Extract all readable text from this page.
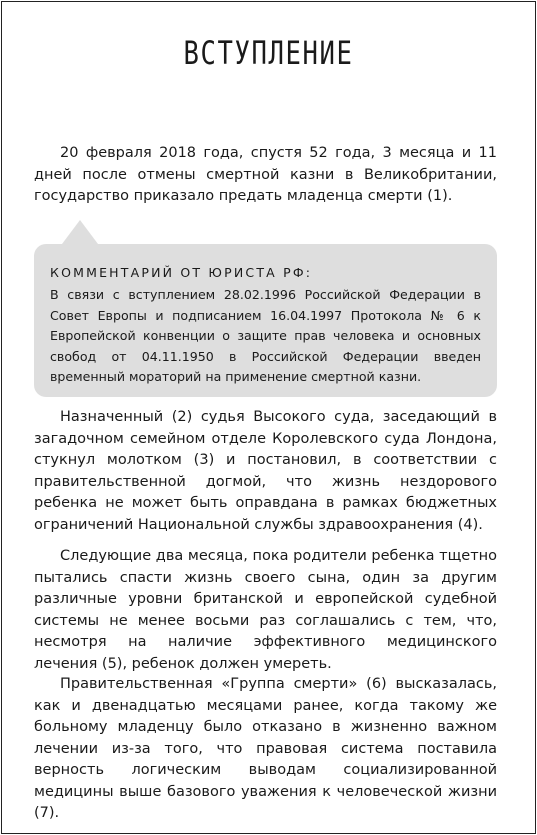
ВСТУПЛЕНИЕ

20 февраля 2018 года, спустя 52 года, 3 месяца и 11 дней после отмены смертной казни в Великобритании, государство приказало предать младенца смерти (1).

КОММЕНТАРИЙ ОТ ЮРИСТА РФ:

В связи с вступлением 28.02.1996 Российской Федерации в Совет Европы и подписанием 16.04.1997 Протокола № 6 к Европейской конвенции о защите прав человека и основных свобод от 04.11.1950 в Российской Федерации введен временный мораторий на применение смертной казни.

Назначенный (2) судья Высокого суда, заседающий в загадочном семейном отделе Королевского суда Лондона, стукнул молотком (3) и постановил, в соответствии с правительственной догмой, что жизнь нездорового ребенка не может быть оправдана в рамках бюджетных ограничений Национальной службы здравоохранения (4).

Следующие два месяца, пока родители ребенка тщетно пытались спасти жизнь своего сына, один за другим различные уровни британской и европейской судебной системы не менее восьми раз соглашались с тем, что, несмотря на наличие эффективного медицинского лечения (5), ребенок должен умереть.

Правительственная «Группа смерти» (6) высказалась, как и двенадцатью месяцами ранее, когда такому же больному младенцу было отказано в жизненно важном лечении из-за того, что правовая система поставила верность логическим выводам социализированной медицины выше базового уважения к человеческой жизни (7).
